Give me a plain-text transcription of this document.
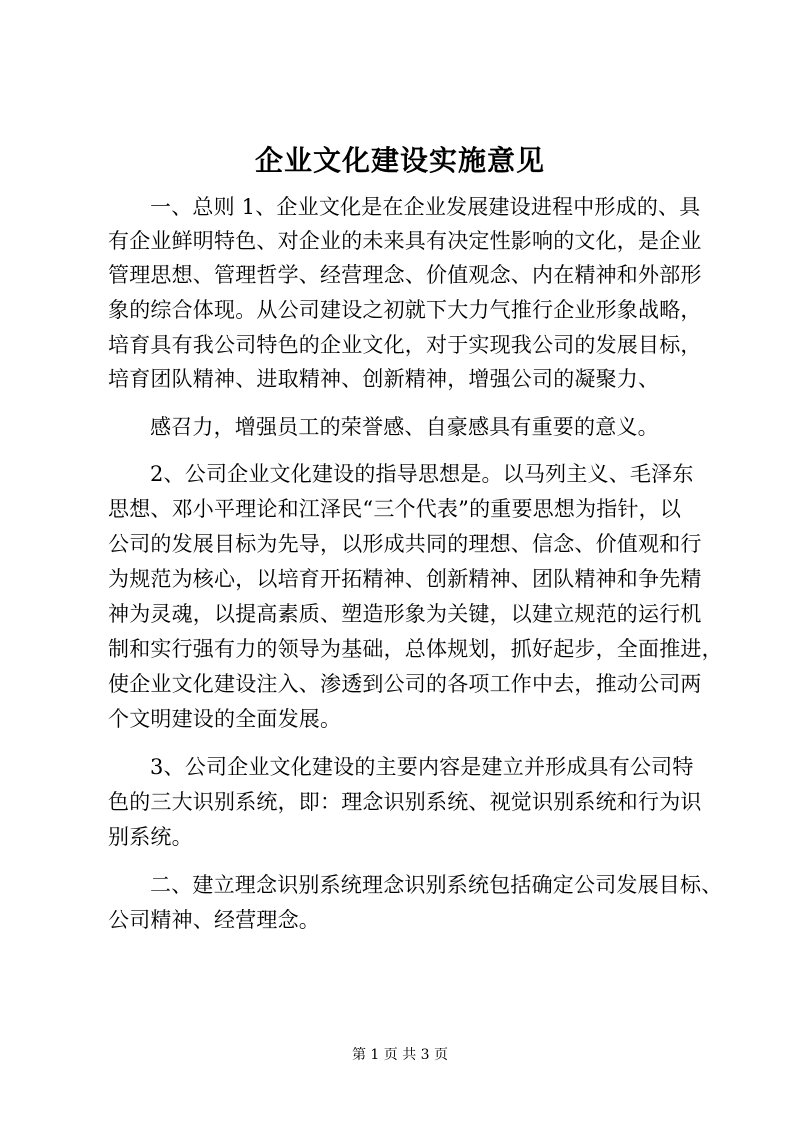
企业文化建设实施意见
一、总则 1、企业文化是在企业发展建设进程中形成的、具
有企业鲜明特色、对企业的未来具有决定性影响的文化，是企业
管理思想、管理哲学、经营理念、价值观念、内在精神和外部形
象的综合体现。从公司建设之初就下大力气推行企业形象战略，
培育具有我公司特色的企业文化，对于实现我公司的发展目标，
培育团队精神、进取精神、创新精神，增强公司的凝聚力、
感召力，增强员工的荣誉感、自豪感具有重要的意义。
2、公司企业文化建设的指导思想是。以马列主义、毛泽东
思想、邓小平理论和江泽民“三个代表”的重要思想为指针，以
公司的发展目标为先导，以形成共同的理想、信念、价值观和行
为规范为核心，以培育开拓精神、创新精神、团队精神和争先精
神为灵魂，以提高素质、塑造形象为关键，以建立规范的运行机
制和实行强有力的领导为基础，总体规划，抓好起步，全面推进，
使企业文化建设注入、渗透到公司的各项工作中去，推动公司两
个文明建设的全面发展。
3、公司企业文化建设的主要内容是建立并形成具有公司特
色的三大识别系统，即：理念识别系统、视觉识别系统和行为识
别系统。
二、建立理念识别系统理念识别系统包括确定公司发展目标、
公司精神、经营理念。
第 1 页 共 3 页
